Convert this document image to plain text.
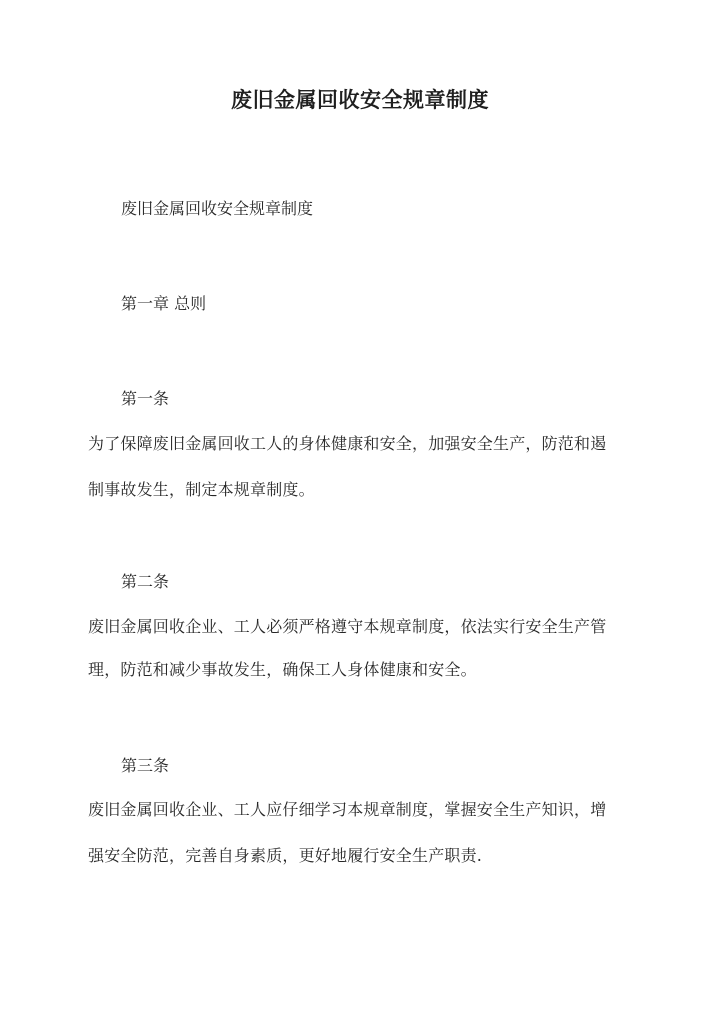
废旧金属回收安全规章制度
废旧金属回收安全规章制度
第一章 总则
第一条
为了保障废旧金属回收工人的身体健康和安全，加强安全生产，防范和遏
制事故发生，制定本规章制度。
第二条
废旧金属回收企业、工人必须严格遵守本规章制度，依法实行安全生产管
理，防范和减少事故发生，确保工人身体健康和安全。
第三条
废旧金属回收企业、工人应仔细学习本规章制度，掌握安全生产知识，增
强安全防范，完善自身素质，更好地履行安全生产职责.
